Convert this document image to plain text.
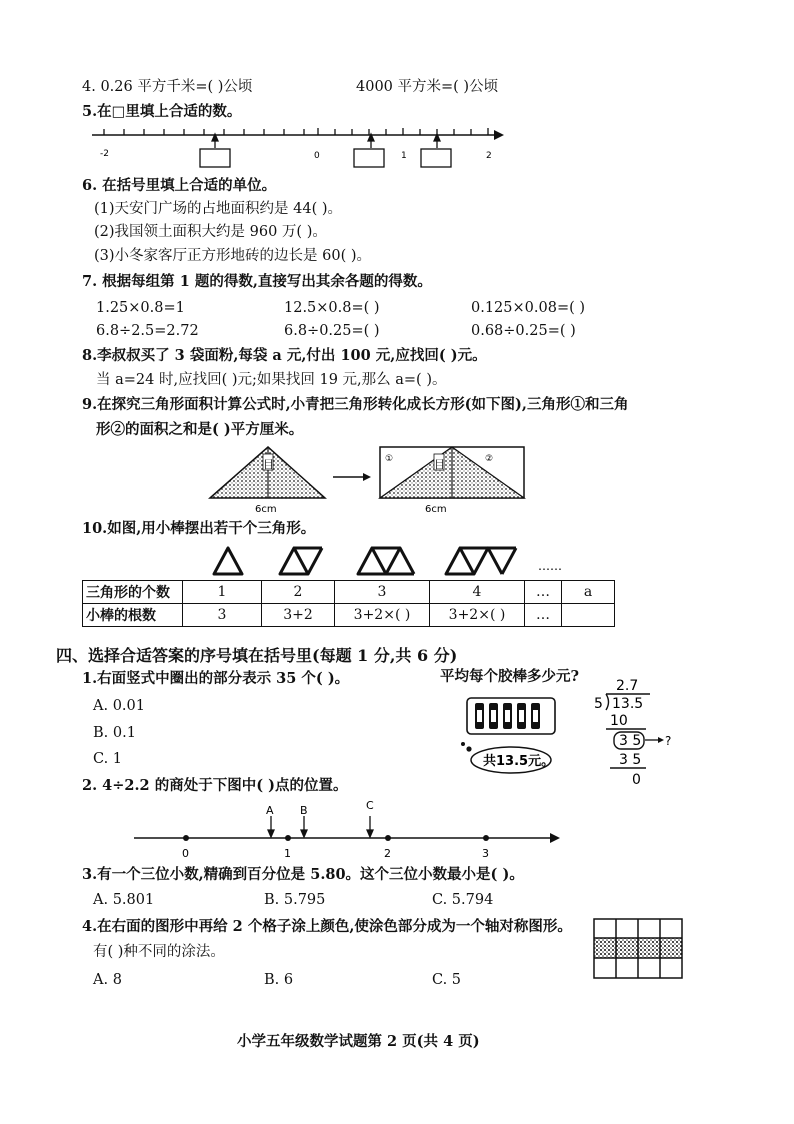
4. 0.26 平方千米=( )公顷	4000 平方米=( )公顷
5.在□里填上合适的数。
-2	0	1	2
6. 在括号里填上合适的单位。
(1)天安门广场的占地面积约是 44( )。
(2)我国领土面积大约是 960 万( )。
(3)小冬家客厅正方形地砖的边长是 60( )。
7. 根据每组第 1 题的得数,直接写出其余各题的得数。
1.25×0.8=1	12.5×0.8=( )	0.125×0.08=( )
6.8÷2.5=2.72	6.8÷0.25=( )	0.68÷0.25=( )
8.李叔叔买了 3 袋面粉,每袋 a 元,付出 100 元,应找回( )元。
当 a=24 时,应找回( )元;如果找回 19 元,那么 a=( )。
9.在探究三角形面积计算公式时,小青把三角形转化成长方形(如下图),三角形①和三角
形②的面积之和是( )平方厘米。
目
6cm
目
①	②
6cm
10.如图,用小棒摆出若干个三角形。
……
三角形的个数	1	2	3	4	…	a
小棒的根数	3	3+2	3+2×( )	3+2×( )	…	
四、选择合适答案的序号填在括号里(每题 1 分,共 6 分)
1.右面竖式中圈出的部分表示 35 个( )。
A. 0.01
B. 0.1
C. 1
平均每个胶棒多少元?
共13.5元。
2.7
5 13.5
10
3 5 ?
3 5
0
2. 4÷2.2 的商处于下图中( )点的位置。
A B	C
0	1	2	3
3.有一个三位小数,精确到百分位是 5.80。这个三位小数最小是( )。
A. 5.801	B. 5.795	C. 5.794
4.在右面的图形中再给 2 个格子涂上颜色,使涂色部分成为一个轴对称图形。
有( )种不同的涂法。
A. 8	B. 6	C. 5
小学五年级数学试题第 2 页(共 4 页)
